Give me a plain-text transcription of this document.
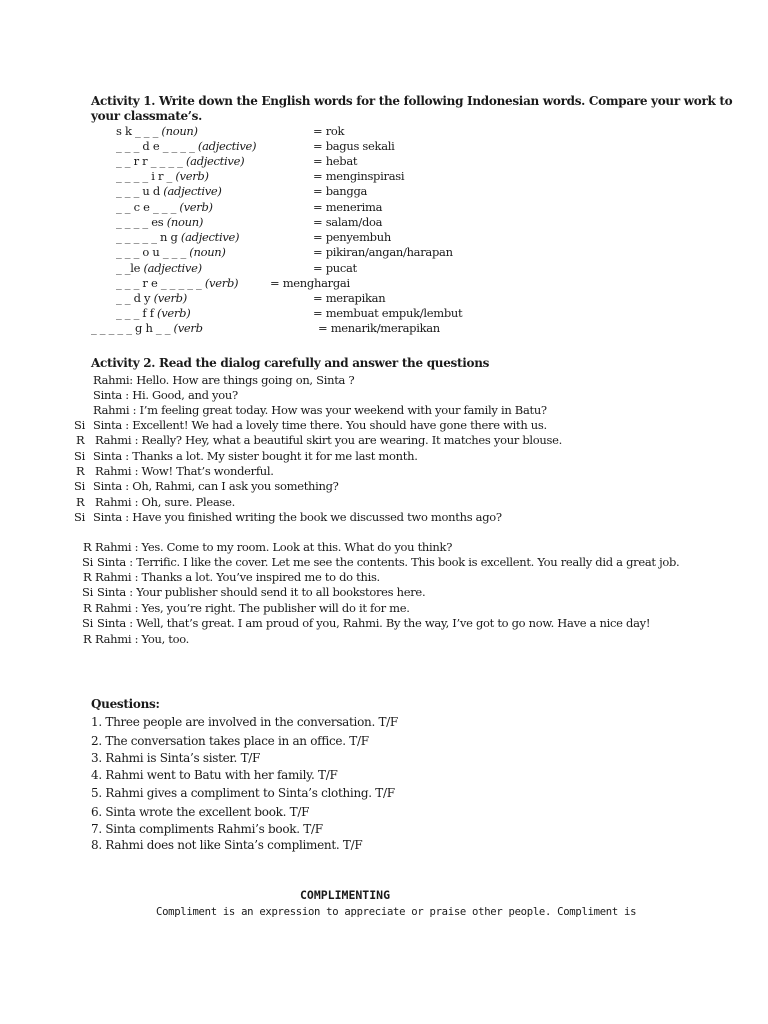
Activity 1. Write down the English words for the following Indonesian words. Compare your work to
your classmate’s.
s k _ _ _ (noun)	= rok
_ _ _ d e _ _ _ _ (adjective)	= bagus sekali
_ _ r r _ _ _ _ (adjective)	= hebat
_ _ _ _ i r _ (verb)	= menginspirasi
_ _ _ u d (adjective)	= bangga
_ _ c e _ _ _ (verb)	= menerima
_ _ _ _ es (noun)	= salam/doa
_ _ _ _ _ n g (adjective)	= penyembuh
_ _ _ o u _ _ _ (noun)	= pikiran/angan/harapan
_ _le (adjective)	= pucat
_ _ _ r e _ _ _ _ _ (verb)	= menghargai
_ _ d y (verb)	= merapikan
_ _ _ f f (verb)	= membuat empuk/lembut
_ _ _ _ _ g h _ _ (verb	= menarik/merapikan
Activity 2. Read the dialog carefully and answer the questions
Rahmi: Hello. How are things going on, Sinta ?
Sinta : Hi. Good, and you?
Rahmi : I’m feeling great today. How was your weekend with your family in Batu?
Si Sinta : Excellent! We had a lovely time there. You should have gone there with us.
R Rahmi : Really? Hey, what a beautiful skirt you are wearing. It matches your blouse.
Si Sinta : Thanks a lot. My sister bought it for me last month.
R Rahmi : Wow! That’s wonderful.
Si Sinta : Oh, Rahmi, can I ask you something?
R Rahmi : Oh, sure. Please.
Si Sinta : Have you finished writing the book we discussed two months ago?
R Rahmi : Yes. Come to my room. Look at this. What do you think?
Si Sinta : Terrific. I like the cover. Let me see the contents. This book is excellent. You really did a great job.
R Rahmi : Thanks a lot. You’ve inspired me to do this.
Si Sinta : Your publisher should send it to all bookstores here.
R Rahmi : Yes, you’re right. The publisher will do it for me.
Si Sinta : Well, that’s great. I am proud of you, Rahmi. By the way, I’ve got to go now. Have a nice day!
R Rahmi : You, too.
Questions:
1. Three people are involved in the conversation. T/F
2. The conversation takes place in an office. T/F
3. Rahmi is Sinta’s sister. T/F
4. Rahmi went to Batu with her family. T/F
5. Rahmi gives a compliment to Sinta’s clothing. T/F
6. Sinta wrote the excellent book. T/F
7. Sinta compliments Rahmi’s book. T/F
8. Rahmi does not like Sinta’s compliment. T/F
COMPLIMENTING
Compliment is an expression to appreciate or praise other people. Compliment is
